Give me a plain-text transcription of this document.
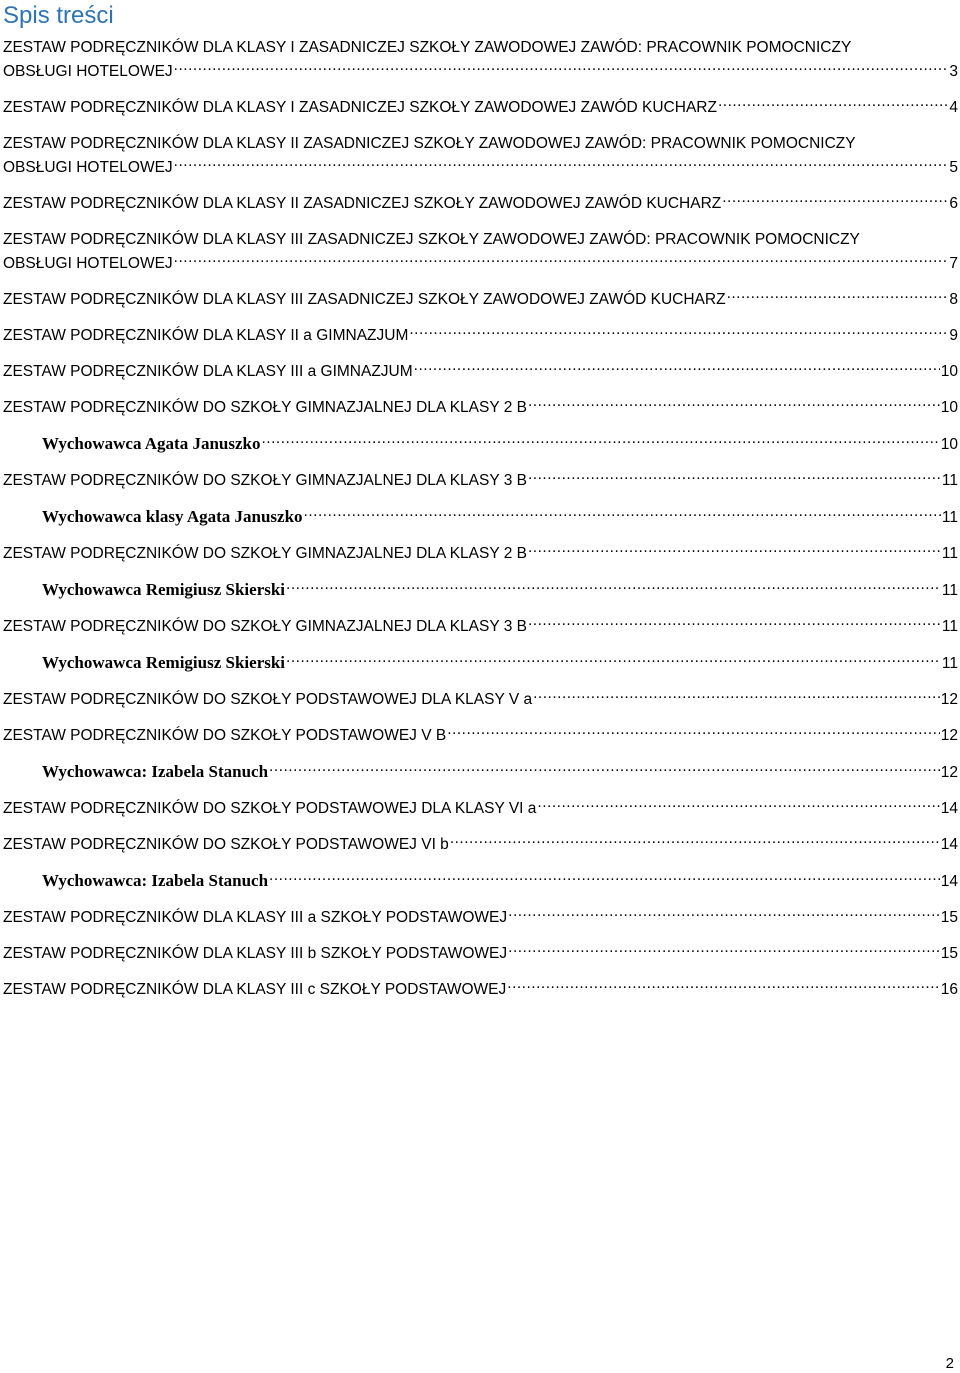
Spis treści
ZESTAW PODRĘCZNIKÓW DLA KLASY I ZASADNICZEJ SZKOŁY ZAWODOWEJ ZAWÓD: PRACOWNIK POMOCNICZY
OBSŁUGI HOTELOWEJ .....	3
ZESTAW PODRĘCZNIKÓW DLA KLASY I ZASADNICZEJ SZKOŁY ZAWODOWEJ ZAWÓD KUCHARZ .....	4
ZESTAW PODRĘCZNIKÓW DLA KLASY II ZASADNICZEJ SZKOŁY ZAWODOWEJ ZAWÓD: PRACOWNIK POMOCNICZY
OBSŁUGI HOTELOWEJ .....	5
ZESTAW PODRĘCZNIKÓW DLA KLASY II ZASADNICZEJ SZKOŁY ZAWODOWEJ ZAWÓD KUCHARZ .....	6
ZESTAW PODRĘCZNIKÓW DLA KLASY III ZASADNICZEJ SZKOŁY ZAWODOWEJ ZAWÓD: PRACOWNIK POMOCNICZY
OBSŁUGI HOTELOWEJ .....	7
ZESTAW PODRĘCZNIKÓW DLA KLASY III ZASADNICZEJ SZKOŁY ZAWODOWEJ ZAWÓD KUCHARZ .....	8
ZESTAW PODRĘCZNIKÓW DLA KLASY II a GIMNAZJUM .....	9
ZESTAW PODRĘCZNIKÓW DLA KLASY III a GIMNAZJUM .....	10
ZESTAW PODRĘCZNIKÓW DO SZKOŁY GIMNAZJALNEJ DLA KLASY 2 B .....	10
Wychowawca Agata Januszko .....	10
ZESTAW PODRĘCZNIKÓW DO SZKOŁY GIMNAZJALNEJ DLA KLASY 3 B .....	11
Wychowawca klasy Agata Januszko .....	11
ZESTAW PODRĘCZNIKÓW DO SZKOŁY GIMNAZJALNEJ DLA KLASY 2 B .....	11
Wychowawca Remigiusz Skierski .....	11
ZESTAW PODRĘCZNIKÓW DO SZKOŁY GIMNAZJALNEJ DLA KLASY 3 B .....	11
Wychowawca Remigiusz Skierski .....	11
ZESTAW PODRĘCZNIKÓW DO SZKOŁY PODSTAWOWEJ DLA KLASY V a .....	12
ZESTAW PODRĘCZNIKÓW DO SZKOŁY PODSTAWOWEJ V B .....	12
Wychowawca: Izabela Stanuch .....	12
ZESTAW PODRĘCZNIKÓW DO SZKOŁY PODSTAWOWEJ DLA KLASY VI a .....	14
ZESTAW PODRĘCZNIKÓW DO SZKOŁY PODSTAWOWEJ VI b .....	14
Wychowawca: Izabela Stanuch .....	14
ZESTAW PODRĘCZNIKÓW DLA KLASY III a SZKOŁY PODSTAWOWEJ .....	15
ZESTAW PODRĘCZNIKÓW DLA KLASY III b SZKOŁY PODSTAWOWEJ .....	15
ZESTAW PODRĘCZNIKÓW DLA KLASY III c SZKOŁY PODSTAWOWEJ .....	16
2
